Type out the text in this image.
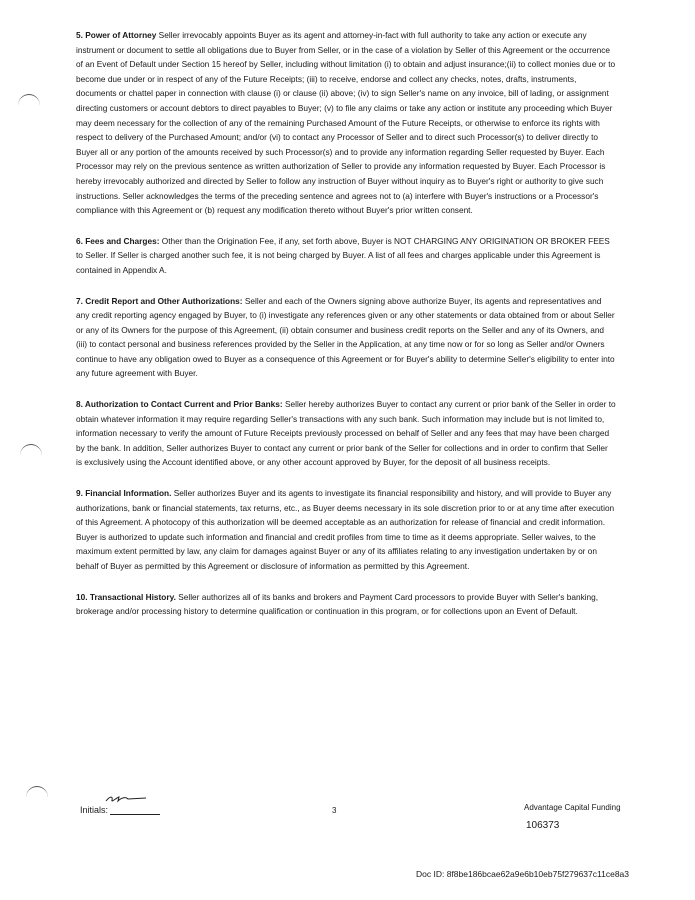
5. Power of Attorney Seller irrevocably appoints Buyer as its agent and attorney-in-fact with full authority to take any action or execute any instrument or document to settle all obligations due to Buyer from Seller, or in the case of a violation by Seller of this Agreement or the occurrence of an Event of Default under Section 15 hereof by Seller, including without limitation (i) to obtain and adjust insurance;(ii) to collect monies due or to become due under or in respect of any of the Future Receipts; (iii) to receive, endorse and collect any checks, notes, drafts, instruments, documents or chattel paper in connection with clause (i) or clause (ii) above; (iv) to sign Seller's name on any invoice, bill of lading, or assignment directing customers or account debtors to direct payables to Buyer; (v) to file any claims or take any action or institute any proceeding which Buyer may deem necessary for the collection of any of the remaining Purchased Amount of the Future Receipts, or otherwise to enforce its rights with respect to delivery of the Purchased Amount; and/or (vi) to contact any Processor of Seller and to direct such Processor(s) to deliver directly to Buyer all or any portion of the amounts received by such Processor(s) and to provide any information regarding Seller requested by Buyer. Each Processor may rely on the previous sentence as written authorization of Seller to provide any information requested by Buyer. Each Processor is hereby irrevocably authorized and directed by Seller to follow any instruction of Buyer without inquiry as to Buyer's right or authority to give such instructions. Seller acknowledges the terms of the preceding sentence and agrees not to (a) interfere with Buyer's instructions or a Processor's compliance with this Agreement or (b) request any modification thereto without Buyer's prior written consent.

6. Fees and Charges: Other than the Origination Fee, if any, set forth above, Buyer is NOT CHARGING ANY ORIGINATION OR BROKER FEES to Seller. If Seller is charged another such fee, it is not being charged by Buyer. A list of all fees and charges applicable under this Agreement is contained in Appendix A.

7. Credit Report and Other Authorizations: Seller and each of the Owners signing above authorize Buyer, its agents and representatives and any credit reporting agency engaged by Buyer, to (i) investigate any references given or any other statements or data obtained from or about Seller or any of its Owners for the purpose of this Agreement, (ii) obtain consumer and business credit reports on the Seller and any of its Owners, and (iii) to contact personal and business references provided by the Seller in the Application, at any time now or for so long as Seller and/or Owners continue to have any obligation owed to Buyer as a consequence of this Agreement or for Buyer's ability to determine Seller's eligibility to enter into any future agreement with Buyer.

8. Authorization to Contact Current and Prior Banks: Seller hereby authorizes Buyer to contact any current or prior bank of the Seller in order to obtain whatever information it may require regarding Seller's transactions with any such bank. Such information may include but is not limited to, information necessary to verify the amount of Future Receipts previously processed on behalf of Seller and any fees that may have been charged by the bank. In addition, Seller authorizes Buyer to contact any current or prior bank of the Seller for collections and in order to confirm that Seller is exclusively using the Account identified above, or any other account approved by Buyer, for the deposit of all business receipts.

9. Financial Information. Seller authorizes Buyer and its agents to investigate its financial responsibility and history, and will provide to Buyer any authorizations, bank or financial statements, tax returns, etc., as Buyer deems necessary in its sole discretion prior to or at any time after execution of this Agreement. A photocopy of this authorization will be deemed acceptable as an authorization for release of financial and credit information. Buyer is authorized to update such information and financial and credit profiles from time to time as it deems appropriate. Seller waives, to the maximum extent permitted by law, any claim for damages against Buyer or any of its affiliates relating to any investigation undertaken by or on behalf of Buyer as permitted by this Agreement or disclosure of information as permitted by this Agreement.

10. Transactional History. Seller authorizes all of its banks and brokers and Payment Card processors to provide Buyer with Seller's banking, brokerage and/or processing history to determine qualification or continuation in this program, or for collections upon an Event of Default.

Initials:	3	Advantage Capital Funding
106373
Doc ID: 8f8be186bcae62a9e6b10eb75f279637c11ce8a3
